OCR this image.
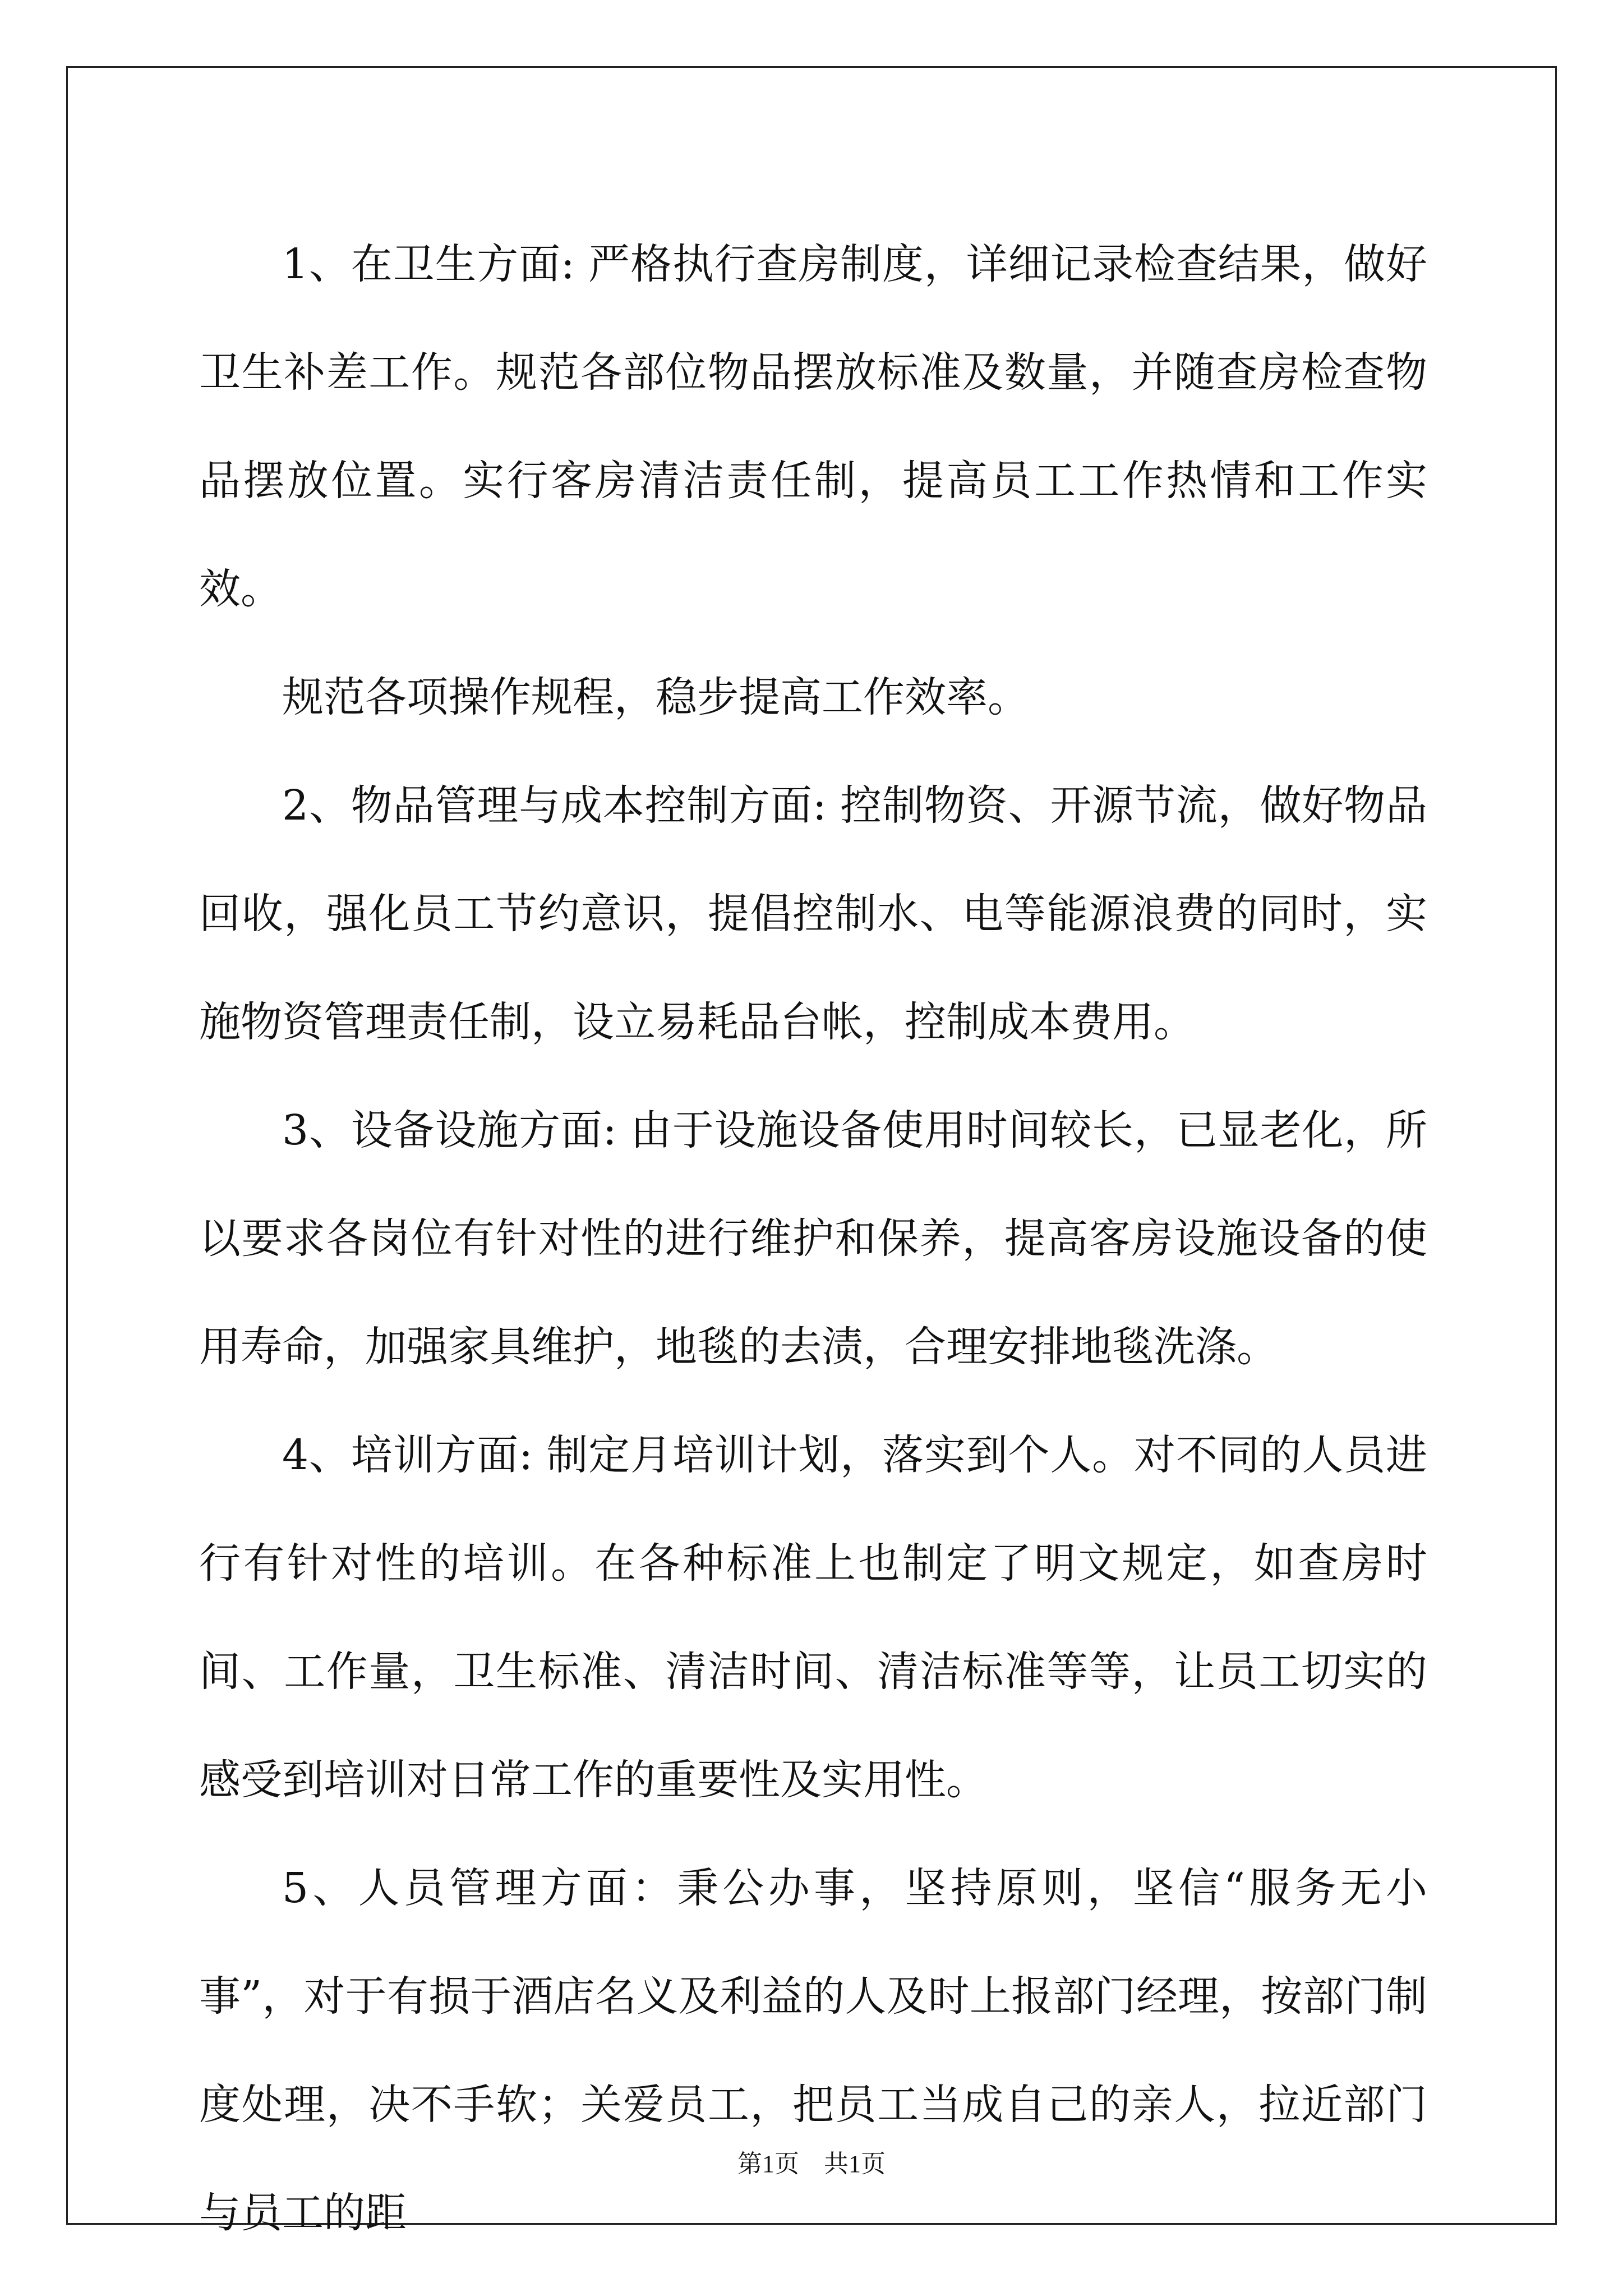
1、在卫生方面: 严格执行查房制度，详细记录检查结果，做好卫生补差工作。规范各部位物品摆放标准及数量，并随查房检查物品摆放位置。实行客房清洁责任制，提高员工工作热情和工作实效。

规范各项操作规程，稳步提高工作效率。

2、物品管理与成本控制方面: 控制物资、开源节流，做好物品回收，强化员工节约意识，提倡控制水、电等能源浪费的同时，实施物资管理责任制，设立易耗品台帐，控制成本费用。

3、设备设施方面: 由于设施设备使用时间较长，已显老化，所以要求各岗位有针对性的进行维护和保养，提高客房设施设备的使用寿命，加强家具维护，地毯的去渍，合理安排地毯洗涤。

4、培训方面: 制定月培训计划，落实到个人。对不同的人员进行有针对性的培训。在各种标准上也制定了明文规定，如查房时间、工作量，卫生标准、清洁时间、清洁标准等等，让员工切实的感受到培训对日常工作的重要性及实用性。

5、人员管理方面：秉公办事，坚持原则，坚信“服务无小事”，对于有损于酒店名义及利益的人及时上报部门经理，按部门制度处理，决不手软；关爱员工，把员工当成自己的亲人，拉近部门与员工的距

第1页 共1页
